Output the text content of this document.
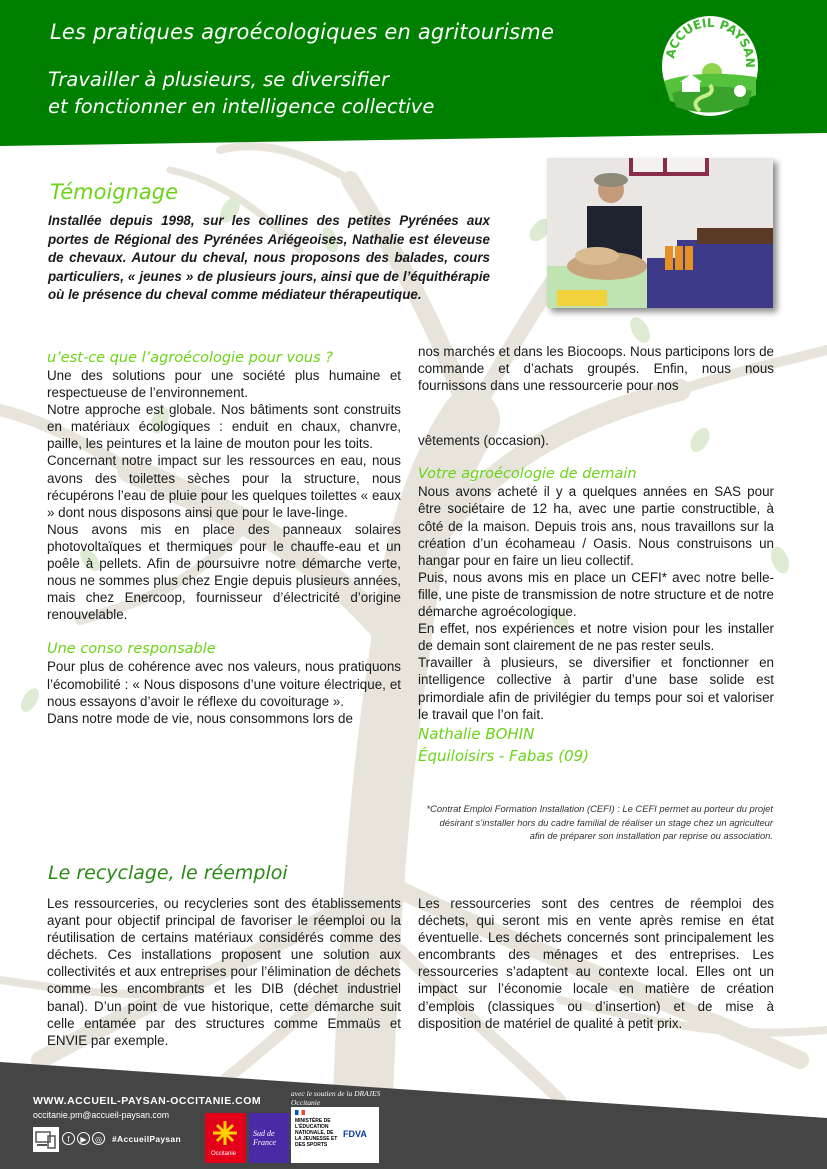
Les pratiques agroécologiques en agritourisme
Travailler à plusieurs, se diversifier
et fonctionner en intelligence collective
ACCUEIL PAYSAN
Témoignage
Installée depuis 1998, sur les collines des petites Pyrénées aux portes de Régional des Pyrénées Ariégeoises, Nathalie est éleveuse de chevaux. Autour du cheval, nous proposons des balades, cours particuliers, « jeunes » de plusieurs jours, ainsi que de l’équithérapie où le présence du cheval comme médiateur thérapeutique.

u’est-ce que l’agroécologie pour vous ?

Une des solutions pour une société plus humaine et respectueuse de l’environnement.

Notre approche est globale. Nos bâtiments sont construits en matériaux écologiques : enduit en chaux, chanvre, paille, les peintures et la laine de mouton pour les toits.

Concernant notre impact sur les ressources en eau, nous avons des toilettes sèches pour la structure, nous récupérons l’eau de pluie pour les quelques toilettes « eaux » dont nous disposons ainsi que pour le lave-linge.

Nous avons mis en place des panneaux solaires photovoltaïques et thermiques pour le chauffe-eau et un poêle à pellets. Afin de poursuivre notre démarche verte, nous ne sommes plus chez Engie depuis plusieurs années, mais chez Enercoop, fournisseur d’électricité d’origine renouvelable.

Une conso responsable

Pour plus de cohérence avec nos valeurs, nous pratiquons l’écomobilité : « Nous disposons d’une voiture électrique, et nous essayons d’avoir le réflexe du covoiturage ».

Dans notre mode de vie, nous consommons lors de

nos marchés et dans les Biocoops. Nous participons lors de commande et d’achats groupés. Enfin, nous nous fournissons dans une ressourcerie pour nos

vêtements (occasion).

Votre agroécologie de demain

Nous avons acheté il y a quelques années en SAS pour être sociétaire de 12 ha, avec une partie constructible, à côté de la maison. Depuis trois ans, nous travaillons sur la création d’un écohameau / Oasis. Nous construisons un hangar pour en faire un lieu collectif.

Puis, nous avons mis en place un CEFI* avec notre belle-fille, une piste de transmission de notre structure et de notre démarche agroécologique.

En effet, nos expériences et notre vision pour les installer de demain sont clairement de ne pas rester seuls.

Travailler à plusieurs, se diversifier et fonctionner en intelligence collective à partir d’une base solide est primordiale afin de privilégier du temps pour soi et valoriser le travail que l’on fait.

Nathalie BOHIN

Équiloisirs - Fabas (09)

*Contrat Emploi Formation Installation (CEFI) : Le CEFI permet au porteur du projet désirant s’installer hors du cadre familial de réaliser un stage chez un agriculteur afin de préparer son installation par reprise ou association.
Le recyclage, le réemploi
Les ressourceries, ou recycleries sont des établissements ayant pour objectif principal de favoriser le réemploi ou la réutilisation de certains matériaux considérés comme des déchets. Ces installations proposent une solution aux collectivités et aux entreprises pour l’élimination de déchets comme les encombrants et les DIB (déchet industriel banal). D’un point de vue historique, cette démarche suit celle entamée par des structures comme Emmaüs et ENVIE par exemple.
Les ressourceries sont des centres de réemploi des déchets, qui seront mis en vente après remise en état éventuelle. Les déchets concernés sont principalement les encombrants des ménages et des entreprises. Les ressourceries s’adaptent au contexte local. Elles ont un impact sur l’économie locale en matière de création d’emplois (classiques ou d’insertion) et de mise à disposition de matériel de qualité à petit prix.
WWW.ACCUEIL-PAYSAN-OCCITANIE.COM
occitanie.pm@accueil-paysan.com
f	▶	◎	#AccueilPaysan
avec le soutien de la DRAJES
Occitanie
Occitanie
Sud de France
MINISTÈRE DE L’ÉDUCATION NATIONALE, DE LA JEUNESSE ET DES SPORTS
FDVA
